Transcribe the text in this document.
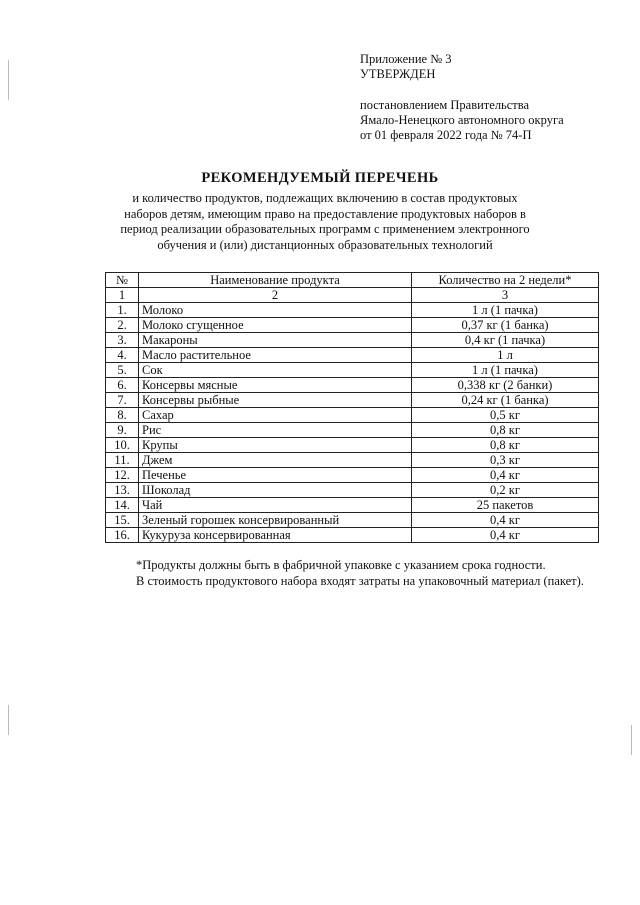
Приложение № 3
УТВЕРЖДЕН
постановлением Правительства
Ямало-Ненецкого автономного округа
от 01 февраля 2022 года № 74-П
РЕКОМЕНДУЕМЫЙ ПЕРЕЧЕНЬ
и количество продуктов, подлежащих включению в состав продуктовых наборов детям, имеющим право на предоставление продуктовых наборов в период реализации образовательных программ с применением электронного обучения и (или) дистанционных образовательных технологий
№	Наименование продукта	Количество на 2 недели*
1	2	3
1.	Молоко	1 л (1 пачка)
2.	Молоко сгущенное	0,37 кг (1 банка)
3.	Макароны	0,4 кг (1 пачка)
4.	Масло растительное	1 л
5.	Сок	1 л (1 пачка)
6.	Консервы мясные	0,338 кг (2 банки)
7.	Консервы рыбные	0,24 кг (1 банка)
8.	Сахар	0,5 кг
9.	Рис	0,8 кг
10.	Крупы	0,8 кг
11.	Джем	0,3 кг
12.	Печенье	0,4 кг
13.	Шоколад	0,2 кг
14.	Чай	25 пакетов
15.	Зеленый горошек консервированный	0,4 кг
16.	Кукуруза консервированная	0,4 кг

*Продукты должны быть в фабричной упаковке с указанием срока годности.

В стоимость продуктового набора входят затраты на упаковочный материал (пакет).
